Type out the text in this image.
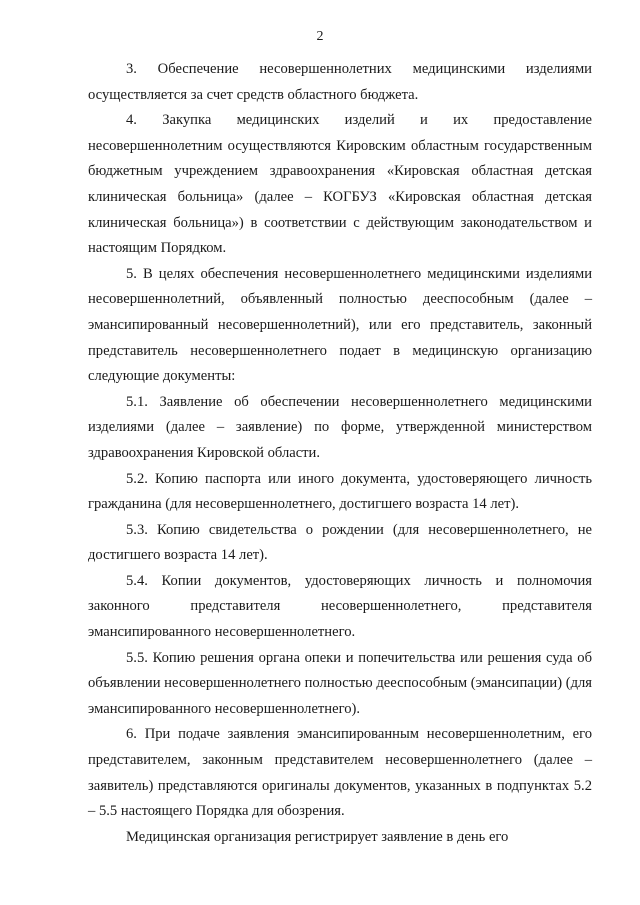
2

3. Обеспечение несовершеннолетних медицинскими изделиями осуществляется за счет средств областного бюджета.

4. Закупка медицинских изделий и их предоставление несовершеннолетним осуществляются Кировским областным государственным бюджетным учреждением здравоохранения «Кировская областная детская клиническая больница» (далее – КОГБУЗ «Кировская областная детская клиническая больница») в соответствии с действующим законодательством и настоящим Порядком.

5. В целях обеспечения несовершеннолетнего медицинскими изделиями несовершеннолетний, объявленный полностью дееспособным (далее – эмансипированный несовершеннолетний), или его представитель, законный представитель несовершеннолетнего подает в медицинскую организацию следующие документы:

5.1. Заявление об обеспечении несовершеннолетнего медицинскими изделиями (далее – заявление) по форме, утвержденной министерством здравоохранения Кировской области.

5.2. Копию паспорта или иного документа, удостоверяющего личность гражданина (для несовершеннолетнего, достигшего возраста 14 лет).

5.3. Копию свидетельства о рождении (для несовершеннолетнего, не достигшего возраста 14 лет).

5.4. Копии документов, удостоверяющих личность и полномочия законного представителя несовершеннолетнего, представителя эмансипированного несовершеннолетнего.

5.5. Копию решения органа опеки и попечительства или решения суда об объявлении несовершеннолетнего полностью дееспособным (эмансипации) (для эмансипированного несовершеннолетнего).

6. При подаче заявления эмансипированным несовершеннолетним, его представителем, законным представителем несовершеннолетнего (далее – заявитель) представляются оригиналы документов, указанных в подпунктах 5.2 – 5.5 настоящего Порядка для обозрения.

Медицинская организация регистрирует заявление в день его
